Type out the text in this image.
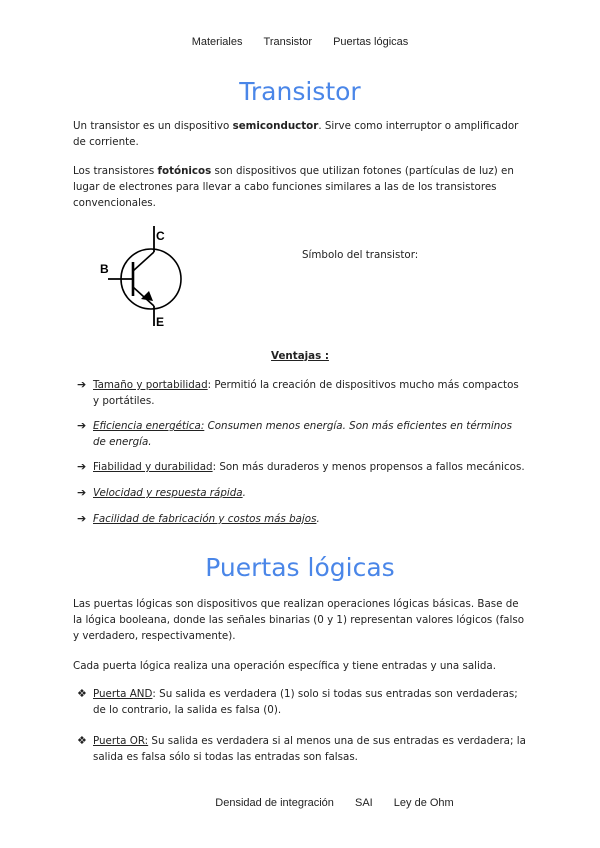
Materiales Transistor Puertas lógicas
Transistor

Un transistor es un dispositivo semiconductor. Sirve como interruptor o amplificador de corriente.

Los transistores fotónicos son dispositivos que utilizan fotones (partículas de luz) en lugar de electrones para llevar a cabo funciones similares a las de los transistores convencionales.

C
B
E
Símbolo del transistor:
Ventajas :
➔ Tamaño y portabilidad: Permitió la creación de dispositivos mucho más compactos y portátiles.
➔ Eficiencia energética: Consumen menos energía. Son más eficientes en términos de energía.
➔ Fiabilidad y durabilidad: Son más duraderos y menos propensos a fallos mecánicos.
➔ Velocidad y respuesta rápida.
➔ Facilidad de fabricación y costos más bajos.
Puertas lógicas

Las puertas lógicas son dispositivos que realizan operaciones lógicas básicas. Base de la lógica booleana, donde las señales binarias (0 y 1) representan valores lógicos (falso y verdadero, respectivamente).

Cada puerta lógica realiza una operación específica y tiene entradas y una salida.

❖ Puerta AND: Su salida es verdadera (1) solo si todas sus entradas son verdaderas; de lo contrario, la salida es falsa (0).
❖ Puerta OR: Su salida es verdadera si al menos una de sus entradas es verdadera; la salida es falsa sólo si todas las entradas son falsas.
Densidad de integración SAI Ley de Ohm
